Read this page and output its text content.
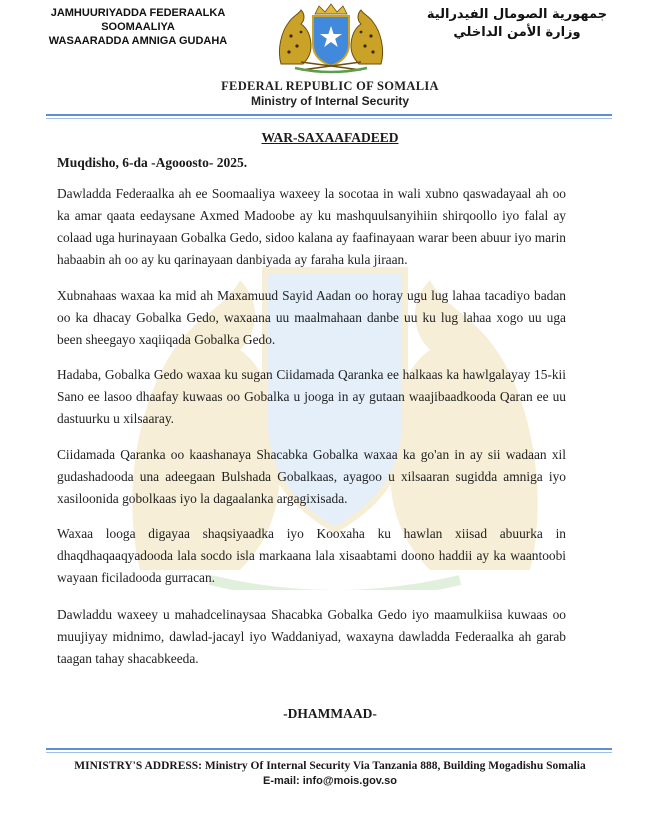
JAMHUURIYADDA FEDERAALKA
SOOMAALIYA
WASAARADDA AMNIGA GUDAHA
جمهورية الصومال الفيدرالية
وزارة الأمن الداخلي
FEDERAL REPUBLIC OF SOMALIA
Ministry of Internal Security
WAR-SAXAAFADEED
Muqdisho, 6-da -Agooosto- 2025.

Dawladda Federaalka ah ee Soomaaliya waxeey la socotaa in wali xubno qaswadayaal ah oo ka amar qaata eedaysane Axmed Madoobe ay ku mashquulsanyihiin shirqoollo iyo falal ay colaad uga hurinayaan Gobalka Gedo, sidoo kalana ay faafinayaan warar been abuur iyo marin habaabin ah oo ay ku qarinayaan danbiyada ay faraha kula jiraan.

Xubnahaas waxaa ka mid ah Maxamuud Sayid Aadan oo horay ugu lug lahaa tacadiyo badan oo ka dhacay Gobalka Gedo, waxaana uu maalmahaan danbe uu ku lug lahaa xogo uu uga been sheegayo xaqiiqada Gobalka Gedo.

Hadaba, Gobalka Gedo waxaa ku sugan Ciidamada Qaranka ee halkaas ka hawlgalayay 15-kii Sano ee lasoo dhaafay kuwaas oo Gobalka u jooga in ay gutaan waajibaadkooda Qaran ee uu dastuurku u xilsaaray.

Ciidamada Qaranka oo kaashanaya Shacabka Gobalka waxaa ka go'an in ay sii wadaan xil gudashadooda una adeegaan Bulshada Gobalkaas, ayagoo u xilsaaran sugidda amniga iyo xasiloonida gobolkaas iyo la dagaalanka argagixisada.

Waxaa looga digayaa shaqsiyaadka iyo Kooxaha ku hawlan xiisad abuurka in dhaqdhaqaaqyadooda lala socdo isla markaana lala xisaabtami doono haddii ay ka waantoobi wayaan ficiladooda gurracan.

Dawladdu waxeey u mahadcelinaysaa Shacabka Gobalka Gedo iyo maamulkiisa kuwaas oo muujiyay midnimo, dawlad-jacayl iyo Waddaniyad, waxayna dawladda Federaalka ah garab taagan tahay shacabkeeda.

-DHAMMAAD-
MINISTRY'S ADDRESS: Ministry Of Internal Security Via Tanzania 888, Building Mogadishu Somalia
E-mail: info@mois.gov.so
